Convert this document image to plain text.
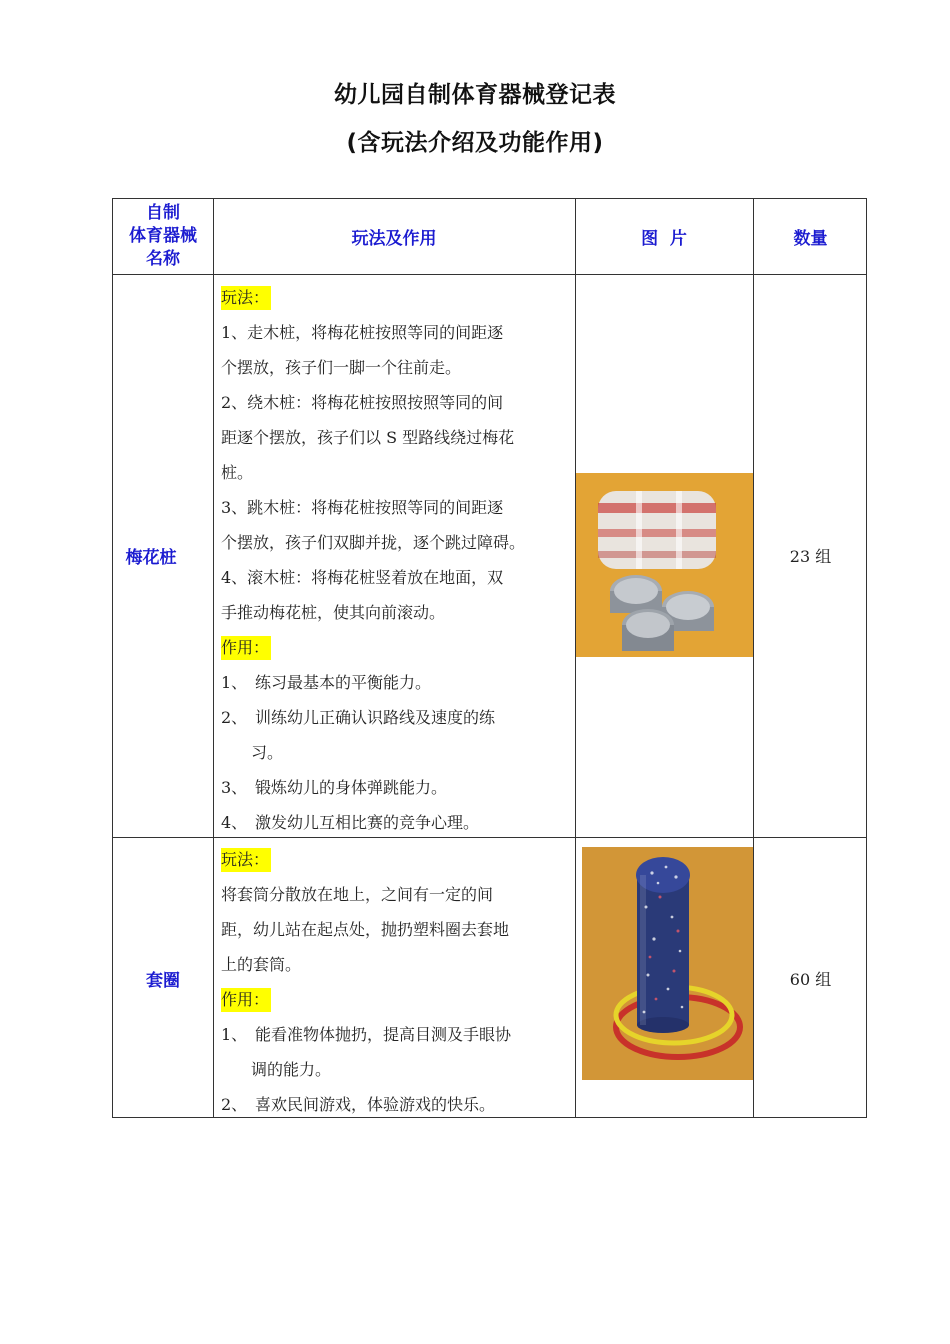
幼儿园自制体育器械登记表
(含玩法介绍及功能作用)
自制
体育器械
名称
玩法及作用	图  片	数量
梅花桩
玩法：
1、走木桩，将梅花桩按照等同的间距逐
个摆放，孩子们一脚一个往前走。
2、绕木桩：将梅花桩按照按照等同的间
距逐个摆放，孩子们以 S 型路线绕过梅花
桩。
3、跳木桩：将梅花桩按照等同的间距逐
个摆放，孩子们双脚并拢，逐个跳过障碍。
4、滚木桩：将梅花桩竖着放在地面，双
手推动梅花桩，使其向前滚动。
作用：
1、 练习最基本的平衡能力。
2、 训练幼儿正确认识路线及速度的练
习。
3、 锻炼幼儿的身体弹跳能力。
4、 激发幼儿互相比赛的竞争心理。
23 组
套圈
玩法：
将套筒分散放在地上，之间有一定的间
距，幼儿站在起点处，抛扔塑料圈去套地
上的套筒。
作用：
1、 能看准物体抛扔，提高目测及手眼协
调的能力。
2、 喜欢民间游戏，体验游戏的快乐。
60 组
